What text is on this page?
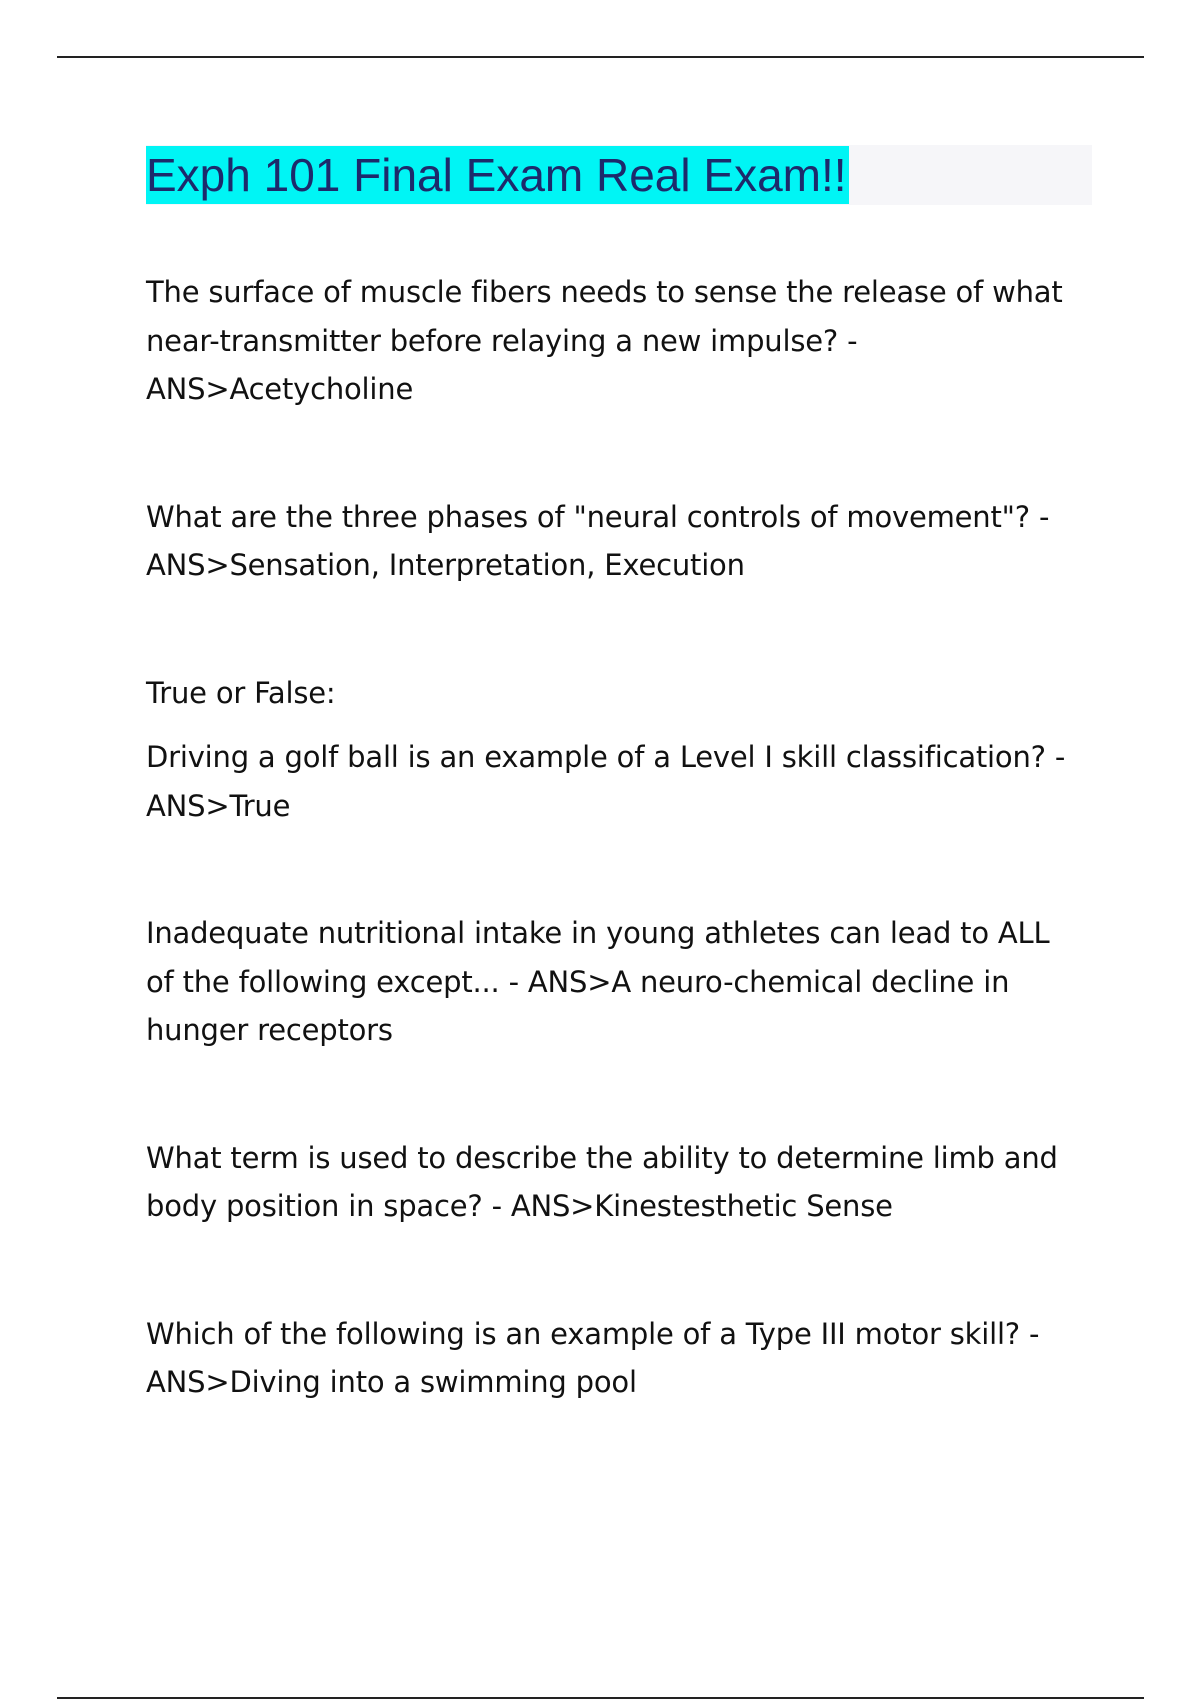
Exph 101 Final Exam Real Exam!!

The surface of muscle fibers needs to sense the release of what
near-transmitter before relaying a new impulse? -
ANS>Acetycholine

What are the three phases of "neural controls of movement"? -
ANS>Sensation, Interpretation, Execution

True or False:

Driving a golf ball is an example of a Level I skill classification? -
ANS>True

Inadequate nutritional intake in young athletes can lead to ALL
of the following except... - ANS>A neuro-chemical decline in
hunger receptors

What term is used to describe the ability to determine limb and
body position in space? - ANS>Kinestesthetic Sense

Which of the following is an example of a Type III motor skill? -
ANS>Diving into a swimming pool
